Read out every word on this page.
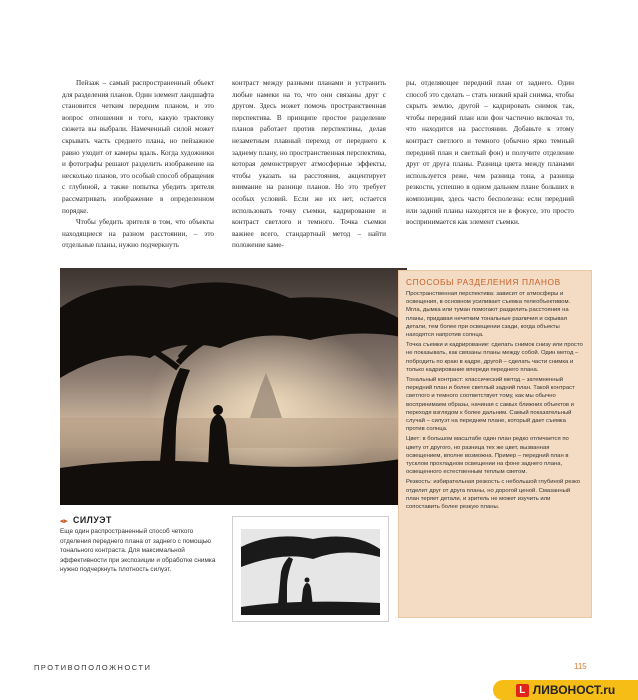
Пейзаж – самый распространенный объект для разделения планов. Один элемент ландшафта становится четким передним планом, и это вопрос отношения и того, какую трактовку сюжета вы выбрали. Намеченный силой может скрывать часть среднего плана, но пейзажное равно уходит от камеры вдаль. Когда художники и фотографы решают разделить изображение на несколько планов, это особый способ обращения с глубиной, а также попытка убедить зрителя рассматривать изображение в определенном порядке.

Чтобы убедить зрителя в том, что объекты находящиеся на разном расстоянии, – это отдельные планы, нужно подчеркнуть

контраст между разными планами и устранить любые намеки на то, что они связаны друг с другом. Здесь может помочь пространственная перспектива. В принципе простое разделение планов работает против перспективы, делая незаметным плавный переход от переднего к заднему плану, но пространственная перспектива, которая демонстрирует атмосферные эффекты, чтобы указать на расстояния, акцентирует внимание на разнице планов. Но это требует особых условий. Если же их нет, остается использовать точку съемки, кадрирование и контраст светлого и темного. Точка съемки важнее всего, стандартный метод – найти положение каме-

ры, отделяющее передний план от заднего. Один способ это сделать – стать низкий край снимка, чтобы скрыть землю, другой – кадрировать снимок так, чтобы передний план или фон частично включал то, что находится на расстоянии. Добавьте к этому контраст светлого и темного (обычно ярко темный передний план и светлый фон) и получите отделение друг от друга планы. Разница цвета между планами используется реже, чем разница тона, а разница резкости, успешно в одном дальнем плане больших в композиции, здесь часто бесполезна: если передний или задний планы находятся не в фокусе, это просто воспринимается как элемент съемки.

СПОСОБЫ РАЗДЕЛЕНИЯ ПЛАНОВ

Пространственная перспектива: зависит от атмосферы и освещения, в основном усиливает съемка телеобъективом. Мгла, дымка или туман помогают разделить расстояния на планы, придавая нечетким тональные различия и скрывая детали, тем более при освещении сзади, когда объекты находятся напротив солнца.

Точка съемки и кадрирование: сделать снимок снизу или просто не показывать, как связаны планы между собой. Один метод – побродить по краю в кадре, другой – сделать части снимка и только кадрирование впереди переднего плана.

Тональный контраст: классический метод – затемненный передний план и более светлый задний план. Такой контраст светлого и темного соответствует тому, как мы обычно воспринимаем образы, начиная с самых ближних объектов и переходя взглядом к более дальним. Самый показательный случай – силуэт на переднем плане, который дает съемка против солнца.

Цвет: в большом масштабе один план редко отличается по цвету от другого, но разница тех же цвет, вызванная освещением, вполне возможна. Пример – передний план в тусклом прохладном освещении на фоне заднего плана, освещенного естественным теплым светом.

Резкость: избирательная резкость с небольшой глубиной резко отделит друг от друга планы, но дорогой ценой. Смазанный план теряет детали, и зритель не может изучить или сопоставить более резкую планы.

◂▸ СИЛУЭТ
Еще один распространенный способ четкого отделения переднего плана от заднего с помощью тонального контраста. Для максимальной эффективности при экспозиции и обработке снимка нужно подчеркнуть плотность силуэт.
ПРОТИВОПОЛОЖНОСТИ	115
L ЛИВОНОСТ.ru
